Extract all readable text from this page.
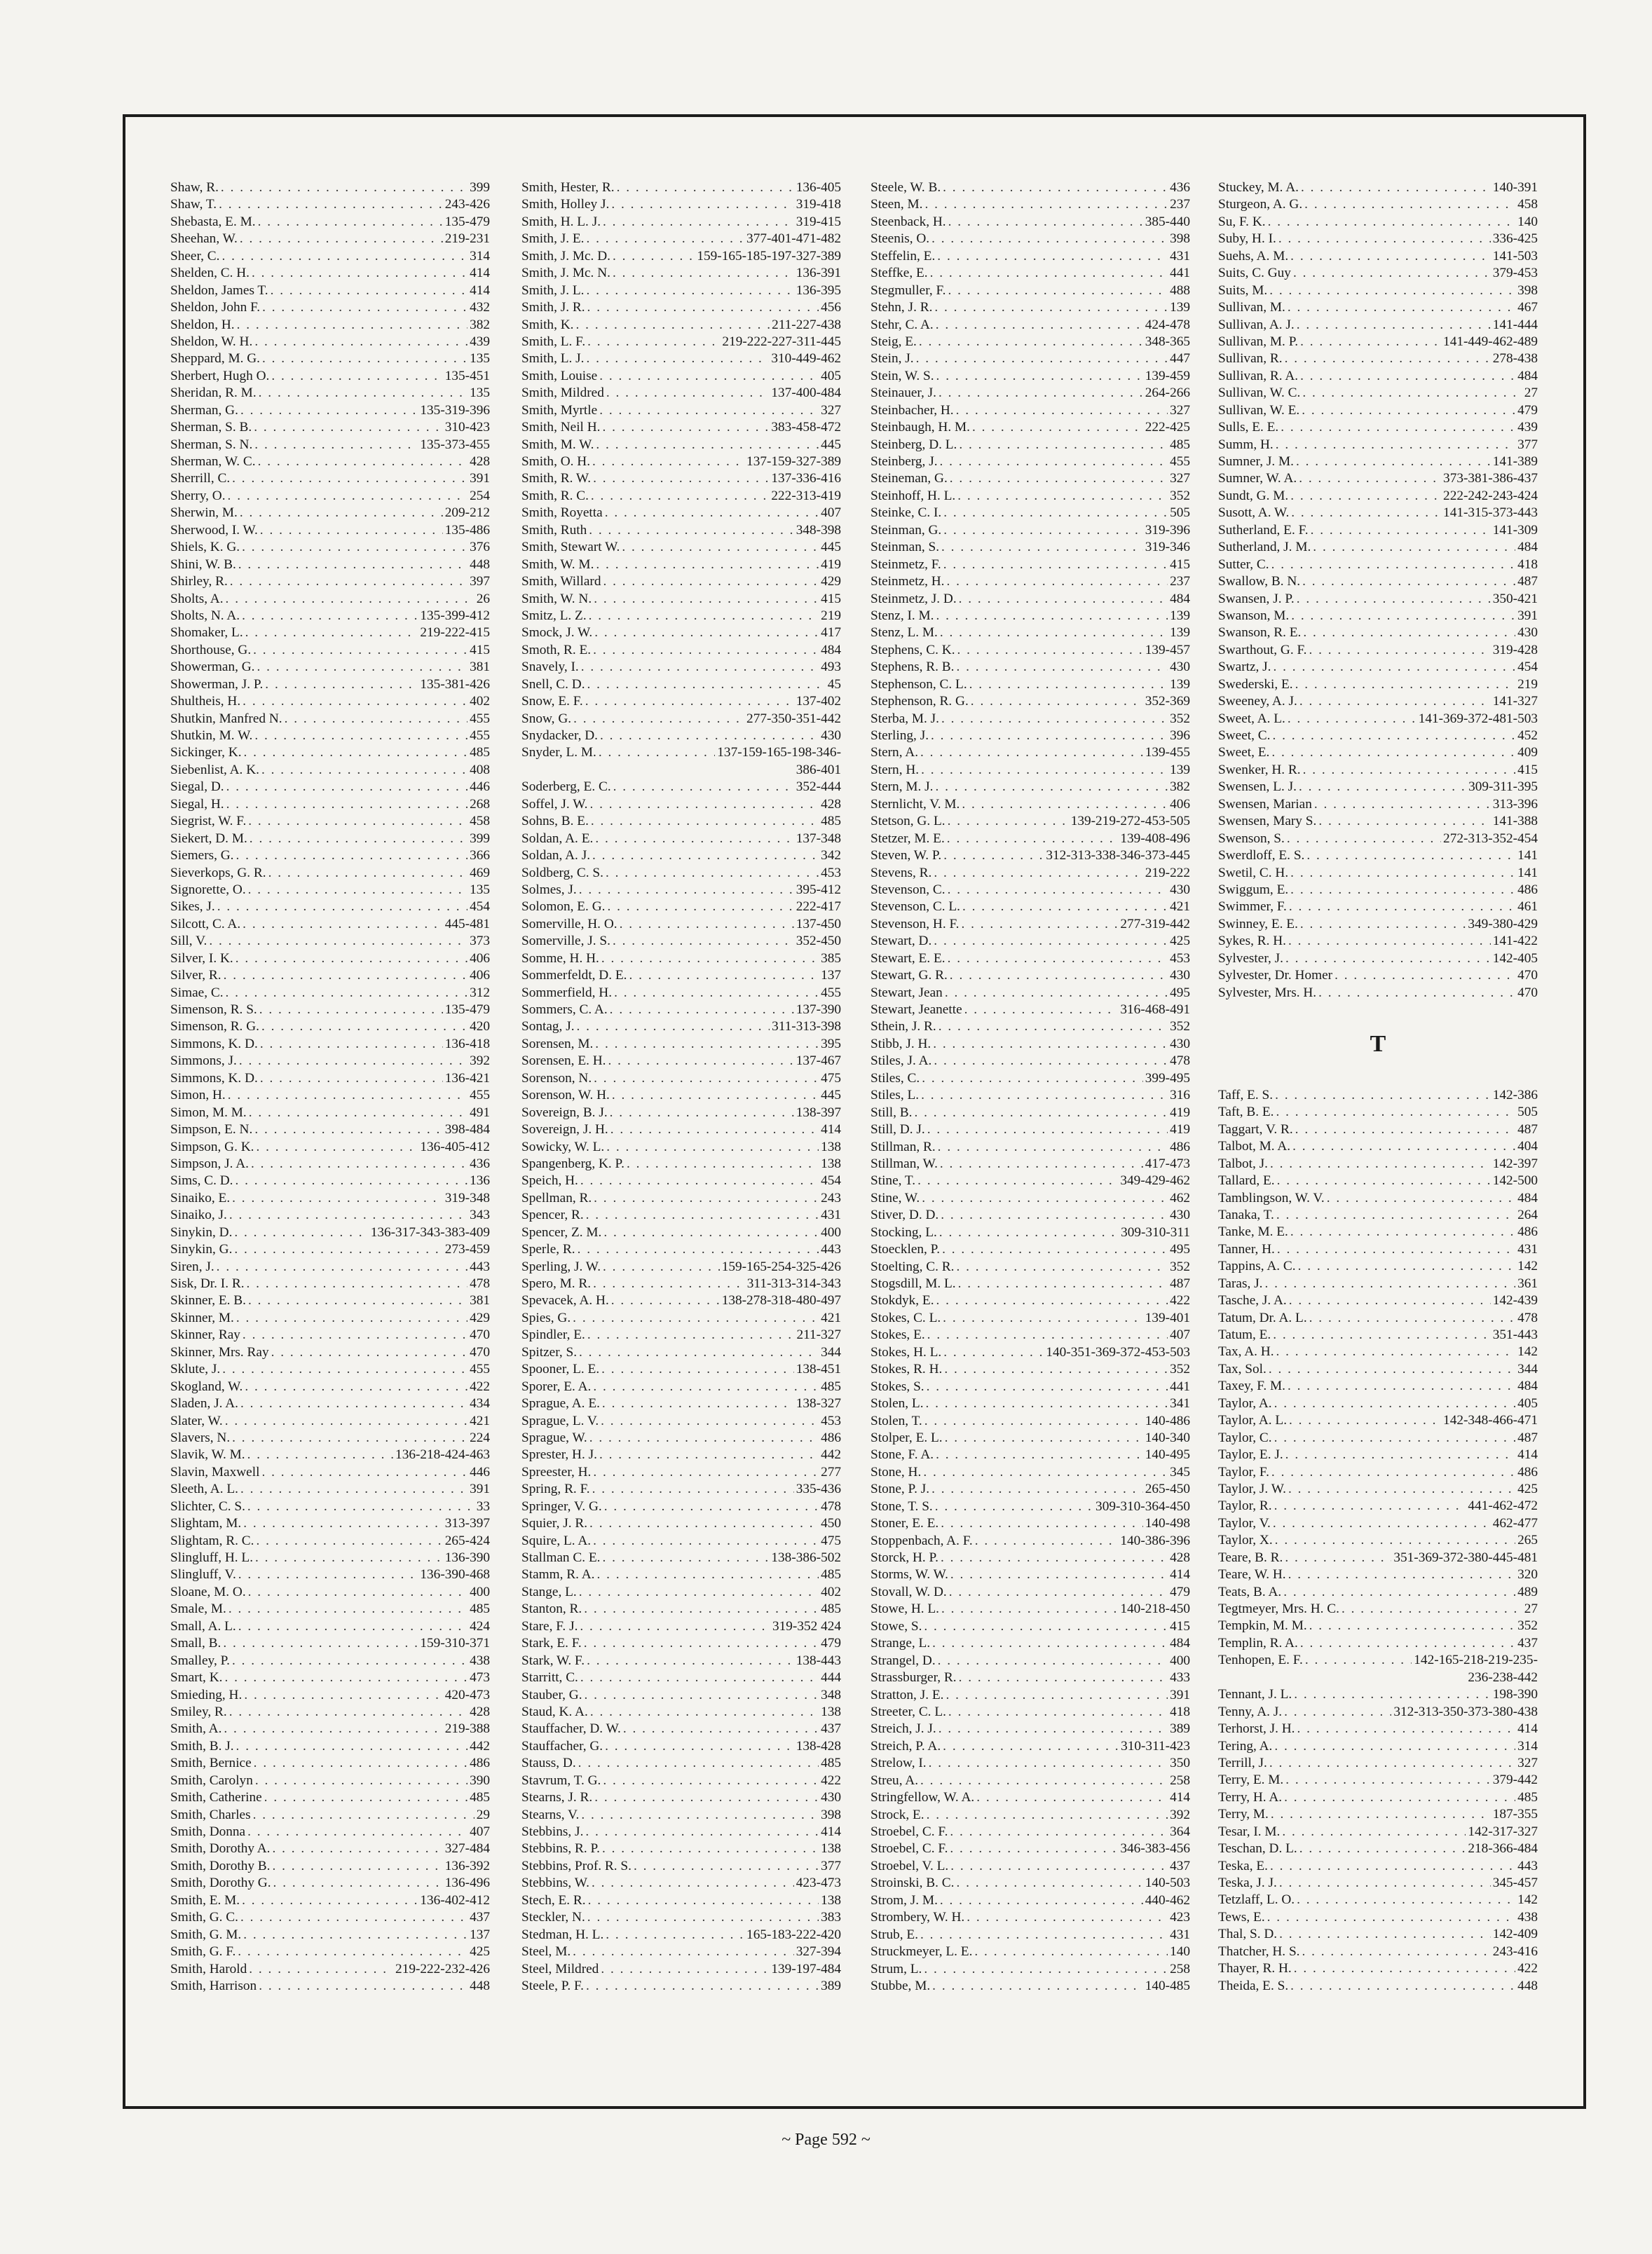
Shaw, R. . . .	399
Shaw, T. . . .	243-426
Shebasta, E. M. . . .	135-479
Sheehan, W. . . .	219-231
Sheer, C. . . .	314
Shelden, C. H. . . .	414
Sheldon, James T. . . .	414
Sheldon, John F. . . .	432
Sheldon, H. . . .	382
Sheldon, W. H. . . .	439
Sheppard, M. G. . . .	135
Sherbert, Hugh O. . . .	135-451
Sheridan, R. M. . . .	135
Sherman, G. . . .	135-319-396
Sherman, S. B. . . .	310-423
Sherman, S. N. . . .	135-373-455
Sherman, W. C. . . .	428
Sherrill, C. . . .	391
Sherry, O. . . .	254
Sherwin, M. . . .	209-212
Sherwood, I. W. . . .	135-486
Shiels, K. G. . . .	376
Shini, W. B. . . .	448
Shirley, R. . . .	397
Sholts, A. . . .	26
Sholts, N. A. . . .	135-399-412
Shomaker, L. . . .	219-222-415
Shorthouse, G. . . .	415
Showerman, G. . . .	381
Showerman, J. P. . . .	135-381-426
Shultheis, H. . . .	402
Shutkin, Manfred N. . . .	455
Shutkin, M. W. . . .	455
Sickinger, K. . . .	485
Siebenlist, A. K. . . .	408
Siegal, D. . . .	446
Siegal, H. . . .	268
Siegrist, W. F. . . .	458
Siekert, D. M. . . .	399
Siemers, G. . . .	366
Sieverkops, G. R. . . .	469
Signorette, O. . . .	135
Sikes, J. . . .	454
Silcott, C. A. . . .	445-481
Sill, V. . . .	373
Silver, I. K. . . .	406
Silver, R. . . .	406
Simae, C. . . .	312
Simenson, R. S. . . .	135-479
Simenson, R. G. . . .	420
Simmons, K. D. . . .	136-418
Simmons, J. . . .	392
Simmons, K. D. . . .	136-421
Simon, H. . . .	455
Simon, M. M. . . .	491
Simpson, E. N. . . .	398-484
Simpson, G. K. . . .	136-405-412
Simpson, J. A. . . .	436
Sims, C. D. . . .	136
Sinaiko, E. . . .	319-348
Sinaiko, J. . . .	343
Sinykin, D. . . .	136-317-343-383-409
Sinykin, G. . . .	273-459
Siren, J. . . .	443
Sisk, Dr. I. R. . . .	478
Skinner, E. B. . . .	381
Skinner, M. . . .	429
Skinner, Ray . . .	470
Skinner, Mrs. Ray . . .	470
Sklute, J. . . .	455
Skogland, W. . . .	422
Sladen, J. A. . . .	434
Slater, W. . . .	421
Slavers, N. . . .	224
Slavik, W. M. . . .	136-218-424-463
Slavin, Maxwell . . .	446
Sleeth, A. L. . . .	391
Slichter, C. S. . . .	33
Slightam, M. . . .	313-397
Slightam, R. C. . . .	265-424
Slingluff, H. L. . . .	136-390
Slingluff, V. . . .	136-390-468
Sloane, M. O. . . .	400
Smale, M. . . .	485
Small, A. L. . . .	424
Small, B. . . .	159-310-371
Smalley, P. . . .	438
Smart, K. . . .	473
Smieding, H. . . .	420-473
Smiley, R. . . .	428
Smith, A. . . .	219-388
Smith, B. J. . . .	442
Smith, Bernice . . .	486
Smith, Carolyn . . .	390
Smith, Catherine . . .	485
Smith, Charles . . .	29
Smith, Donna . . .	407
Smith, Dorothy A. . . .	327-484
Smith, Dorothy B. . . .	136-392
Smith, Dorothy G. . . .	136-496
Smith, E. M. . . .	136-402-412
Smith, G. C. . . .	437
Smith, G. M. . . .	137
Smith, G. F. . . .	425
Smith, Harold . . .	219-222-232-426
Smith, Harrison . . .	448
Smith, Hester, R. . . .	136-405
Smith, Holley J. . . .	319-418
Smith, H. L. J. . . .	319-415
Smith, J. E. . . .	377-401-471-482
Smith, J. Mc. D. . . .	159-165-185-197-327-389
Smith, J. Mc. N. . . .	136-391
Smith, J. L. . . .	136-395
Smith, J. R. . . .	456
Smith, K. . . .	211-227-438
Smith, L. F. . . .	219-222-227-311-445
Smith, L. J. . . .	310-449-462
Smith, Louise . . .	405
Smith, Mildred . . .	137-400-484
Smith, Myrtle . . .	327
Smith, Neil H. . . .	383-458-472
Smith, M. W. . . .	445
Smith, O. H. . . .	137-159-327-389
Smith, R. W. . . .	137-336-416
Smith, R. C. . . .	222-313-419
Smith, Royetta . . .	407
Smith, Ruth . . .	348-398
Smith, Stewart W. . . .	445
Smith, W. M. . . .	419
Smith, Willard . . .	429
Smith, W. N. . . .	415
Smitz, L. Z. . . .	219
Smock, J. W. . . .	417
Smoth, R. E. . . .	484
Snavely, I. . . .	493
Snell, C. D. . . .	45
Snow, E. F. . . .	137-402
Snow, G. . . .	277-350-351-442
Snydacker, D. . . .	430
Snyder, L. M. . . .	137-159-165-198-346-
386-401
Soderberg, E. C. . . .	352-444
Soffel, J. W. . . .	428
Sohns, B. E. . . .	485
Soldan, A. E. . . .	137-348
Soldan, A. J. . . .	342
Soldberg, C. S. . . .	453
Solmes, J. . . .	395-412
Solomon, E. G. . . .	222-417
Somerville, H. O. . . .	137-450
Somerville, J. S. . . .	352-450
Somme, H. H. . . .	385
Sommerfeldt, D. E. . . .	137
Sommerfield, H. . . .	455
Sommers, C. A. . . .	137-390
Sontag, J. . . .	311-313-398
Sorensen, M. . . .	395
Sorensen, E. H. . . .	137-467
Sorenson, N. . . .	475
Sorenson, W. H. . . .	445
Sovereign, B. J. . . .	138-397
Sovereign, J. H. . . .	414
Sowicky, W. L. . . .	138
Spangenberg, K. P. . . .	138
Speich, H. . . .	454
Spellman, R. . . .	243
Spencer, R. . . .	431
Spencer, Z. M. . . .	400
Sperle, R. . . .	443
Sperling, J. W. . . .	159-165-254-325-426
Spero, M. R. . . .	311-313-314-343
Spevacek, A. H. . . .	138-278-318-480-497
Spies, G. . . .	421
Spindler, E. . . .	211-327
Spitzer, S. . . .	344
Spooner, L. E. . . .	138-451
Sporer, E. A. . . .	485
Sprague, A. E. . . .	138-327
Sprague, L. V. . . .	453
Sprague, W. . . .	486
Sprester, H. J. . . .	442
Spreester, H. . . .	277
Spring, R. F. . . .	335-436
Springer, V. G. . . .	478
Squier, J. R. . . .	450
Squire, L. A. . . .	475
Stallman C. E. . . .	138-386-502
Stamm, R. A. . . .	485
Stange, L. . . .	402
Stanton, R. . . .	485
Stare, F. J. . . .	319-352 424
Stark, E. F. . . .	479
Stark, W. F. . . .	138-443
Starritt, C. . . .	444
Stauber, G. . . .	348
Staud, K. A. . . .	138
Stauffacher, D. W. . . .	437
Stauffacher, G. . . .	138-428
Stauss, D. . . .	485
Stavrum, T. G. . . .	422
Stearns, J. R. . . .	430
Stearns, V. . . .	398
Stebbins, J. . . .	414
Stebbins, R. P. . . .	138
Stebbins, Prof. R. S. . . .	377
Stebbins, W. . . .	423-473
Stech, E. R. . . .	138
Steckler, N. . . .	383
Stedman, H. L. . . .	165-183-222-420
Steel, M. . . .	327-394
Steel, Mildred . . .	139-197-484
Steele, P. F. . . .	389
Steele, W. B. . . .	436
Steen, M. . . .	237
Steenback, H. . . .	385-440
Steenis, O. . . .	398
Steffelin, E. . . .	431
Steffke, E. . . .	441
Stegmuller, F. . . .	488
Stehn, J. R. . . .	139
Stehr, C. A. . . .	424-478
Steig, E. . . .	348-365
Stein, J. . . .	447
Stein, W. S. . . .	139-459
Steinauer, J. . . .	264-266
Steinbacher, H. . . .	327
Steinbaugh, H. M. . . .	222-425
Steinberg, D. L. . . .	485
Steinberg, J. . . .	455
Steineman, G. . . .	327
Steinhoff, H. L. . . .	352
Steinke, C. I. . . .	505
Steinman, G. . . .	319-396
Steinman, S. . . .	319-346
Steinmetz, F. . . .	415
Steinmetz, H. . . .	237
Steinmetz, J. D. . . .	484
Stenz, I. M. . . .	139
Stenz, L. M. . . .	139
Stephens, C. K. . . .	139-457
Stephens, R. B. . . .	430
Stephenson, C. L. . . .	139
Stephenson, R. G. . . .	352-369
Sterba, M. J. . . .	352
Sterling, J. . . .	396
Stern, A. . . .	139-455
Stern, H. . . .	139
Stern, M. J. . . .	382
Sternlicht, V. M. . . .	406
Stetson, G. L. . . .	139-219-272-453-505
Stetzer, M. E. . . .	139-408-496
Steven, W. P. . . .	312-313-338-346-373-445
Stevens, R. . . .	219-222
Stevenson, C. . . .	430
Stevenson, C. L. . . .	421
Stevenson, H. F. . . .	277-319-442
Stewart, D. . . .	425
Stewart, E. E. . . .	453
Stewart, G. R. . . .	430
Stewart, Jean . . .	495
Stewart, Jeanette . . .	316-468-491
Sthein, J. R. . . .	352
Stibb, J. H. . . .	430
Stiles, J. A. . . .	478
Stiles, C. . . .	399-495
Stiles, L. . . .	316
Still, B. . . .	419
Still, D. J. . . .	419
Stillman, R. . . .	486
Stillman, W. . . .	417-473
Stine, T. . . .	349-429-462
Stine, W. . . .	462
Stiver, D. D. . . .	430
Stocking, L. . . .	309-310-311
Stoecklen, P. . . .	495
Stoelting, C. R. . . .	352
Stogsdill, M. L. . . .	487
Stokdyk, E. . . .	422
Stokes, C. L. . . .	139-401
Stokes, E. . . .	407
Stokes, H. L. . . .	140-351-369-372-453-503
Stokes, R. H. . . .	352
Stokes, S. . . .	441
Stolen, L. . . .	341
Stolen, T. . . .	140-486
Stolper, E. L. . . .	140-340
Stone, F. A. . . .	140-495
Stone, H. . . .	345
Stone, P. J. . . .	265-450
Stone, T. S. . . .	309-310-364-450
Stoner, E. E. . . .	140-498
Stoppenbach, A. F. . . .	140-386-396
Storck, H. P. . . .	428
Storms, W. W. . . .	414
Stovall, W. D. . . .	479
Stowe, H. L. . . .	140-218-450
Stowe, S. . . .	415
Strange, L. . . .	484
Strangel, D. . . .	400
Strassburger, R. . . .	433
Stratton, J. E. . . .	391
Streeter, C. L. . . .	418
Streich, J. J. . . .	389
Streich, P. A. . . .	310-311-423
Strelow, I. . . .	350
Streu, A. . . .	258
Stringfellow, W. A. . . .	414
Strock, E. . . .	392
Stroebel, C. F. . . .	364
Stroebel, C. F. . . .	346-383-456
Stroebel, V. L. . . .	437
Stroinski, B. C. . . .	140-503
Strom, J. M. . . .	440-462
Strombery, W. H. . . .	423
Strub, E. . . .	431
Struckmeyer, L. E. . . .	140
Strum, L. . . .	258
Stubbe, M. . . .	140-485
Stuckey, M. A. . . .	140-391
Sturgeon, A. G. . . .	458
Su, F. K. . . .	140
Suby, H. I. . . .	336-425
Suehs, A. M. . . .	141-503
Suits, C. Guy . . .	379-453
Suits, M. . . .	398
Sullivan, M. . . .	467
Sullivan, A. J. . . .	141-444
Sullivan, M. P. . . .	141-449-462-489
Sullivan, R. . . .	278-438
Sullivan, R. A. . . .	484
Sullivan, W. C. . . .	27
Sullivan, W. E. . . .	479
Sulls, E. E. . . .	439
Summ, H. . . .	377
Sumner, J. M. . . .	141-389
Sumner, W. A. . . .	373-381-386-437
Sundt, G. M. . . .	222-242-243-424
Susott, A. W. . . .	141-315-373-443
Sutherland, E. F. . . .	141-309
Sutherland, J. M. . . .	484
Sutter, C. . . .	418
Swallow, B. N. . . .	487
Swansen, J. P. . . .	350-421
Swanson, M. . . .	391
Swanson, R. E. . . .	430
Swarthout, G. F. . . .	319-428
Swartz, J. . . .	454
Swederski, E. . . .	219
Sweeney, A. J. . . .	141-327
Sweet, A. L. . . .	141-369-372-481-503
Sweet, C. . . .	452
Sweet, E. . . .	409
Swenker, H. R. . . .	415
Swensen, L. J. . . .	309-311-395
Swensen, Marian . . .	313-396
Swensen, Mary S. . . .	141-388
Swenson, S. . . .	272-313-352-454
Swerdloff, E. S. . . .	141
Swetil, C. H. . . .	141
Swiggum, E. . . .	486
Swimmer, F. . . .	461
Swinney, E. E. . . .	349-380-429
Sykes, R. H. . . .	141-422
Sylvester, J. . . .	142-405
Sylvester, Dr. Homer . . .	470
Sylvester, Mrs. H. . . .	470
T
Taff, E. S. . . .	142-386
Taft, B. E. . . .	505
Taggart, V. R. . . .	487
Talbot, M. A. . . .	404
Talbot, J. . . .	142-397
Tallard, E. . . .	142-500
Tamblingson, W. V. . . .	484
Tanaka, T. . . .	264
Tanke, M. E. . . .	486
Tanner, H. . . .	431
Tappins, A. C. . . .	142
Taras, J. . . .	361
Tasche, J. A. . . .	142-439
Tatum, Dr. A. L. . . .	478
Tatum, E. . . .	351-443
Tax, A. H. . . .	142
Tax, Sol. . . .	344
Taxey, F. M. . . .	484
Taylor, A. . . .	405
Taylor, A. L. . . .	142-348-466-471
Taylor, C. . . .	487
Taylor, E. J. . . .	414
Taylor, F. . . .	486
Taylor, J. W. . . .	425
Taylor, R. . . .	441-462-472
Taylor, V. . . .	462-477
Taylor, X. . . .	265
Teare, B. R. . . .	351-369-372-380-445-481
Teare, W. H. . . .	320
Teats, B. A. . . .	489
Tegtmeyer, Mrs. H. C. . . .	27
Tempkin, M. M. . . .	352
Templin, R. A. . . .	437
Tenhopen, E. F. . . .	142-165-218-219-235-
236-238-442
Tennant, J. L. . . .	198-390
Tenny, A. J. . . .	312-313-350-373-380-438
Terhorst, J. H. . . .	414
Tering, A. . . .	314
Terrill, J. . . .	327
Terry, E. M. . . .	379-442
Terry, H. A. . . .	485
Terry, M. . . .	187-355
Tesar, I. M. . . .	142-317-327
Teschan, D. L. . . .	218-366-484
Teska, E. . . .	443
Teska, J. J. . . .	345-457
Tetzlaff, L. O. . . .	142
Tews, E. . . .	438
Thal, S. D. . . .	142-409
Thatcher, H. S. . . .	243-416
Thayer, R. H. . . .	422
Theida, E. S. . . .	448
~ Page 592 ~
